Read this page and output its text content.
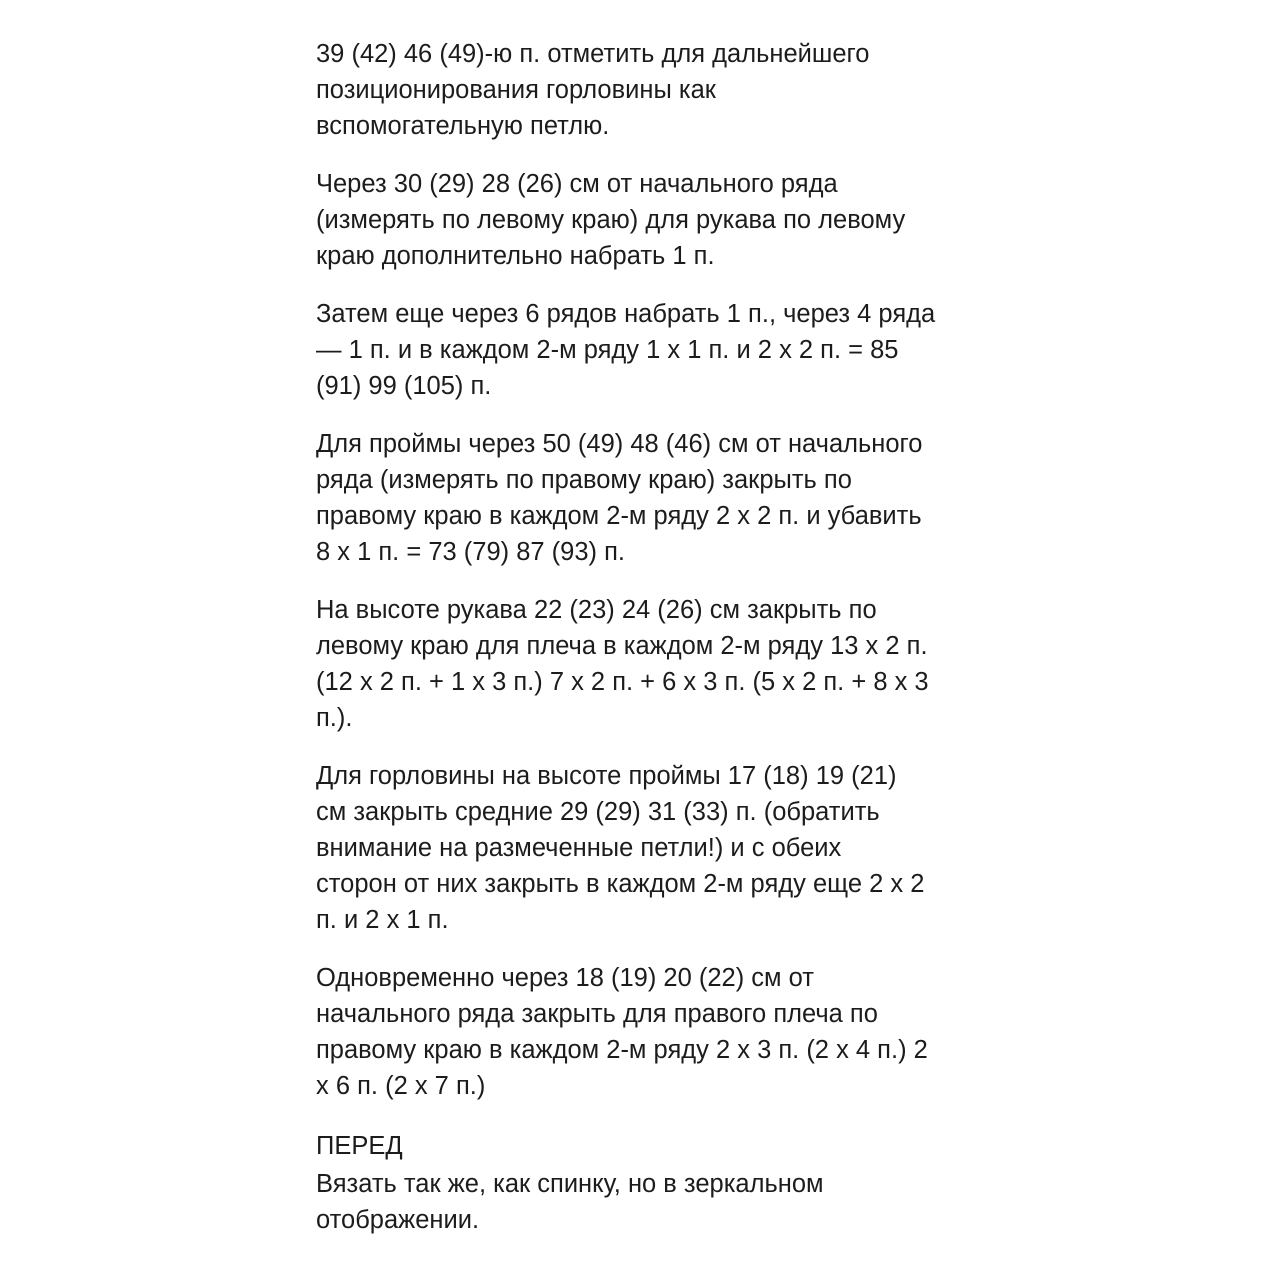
39 (42) 46 (49)-ю п. отметить для дальнейшего
позиционирования горловины как
вспомогательную петлю.

Через 30 (29) 28 (26) см от начального ряда
(измерять по левому краю) для рукава по левому
краю дополнительно набрать 1 п.

Затем еще через 6 рядов набрать 1 п., через 4 ряда
— 1 п. и в каждом 2-м ряду 1 х 1 п. и 2 х 2 п. = 85
(91) 99 (105) п.

Для проймы через 50 (49) 48 (46) см от начального
ряда (измерять по правому краю) закрыть по
правому краю в каждом 2-м ряду 2 х 2 п. и убавить
8 х 1 п. = 73 (79) 87 (93) п.

На высоте рукава 22 (23) 24 (26) см закрыть по
левому краю для плеча в каждом 2-м ряду 13 х 2 п.
(12 х 2 п. + 1 х 3 п.) 7 х 2 п. + 6 х 3 п. (5 х 2 п. + 8 х 3
п.).

Для горловины на высоте проймы 17 (18) 19 (21)
см закрыть средние 29 (29) 31 (33) п. (обратить
внимание на размеченные петли!) и с обеих
сторон от них закрыть в каждом 2-м ряду еще 2 х 2
п. и 2 х 1 п.

Одновременно через 18 (19) 20 (22) см от
начального ряда закрыть для правого плеча по
правому краю в каждом 2-м ряду 2 х 3 п. (2 х 4 п.) 2
х 6 п. (2 х 7 п.)

ПЕРЕД
Вязать так же, как спинку, но в зеркальном
отображении.
